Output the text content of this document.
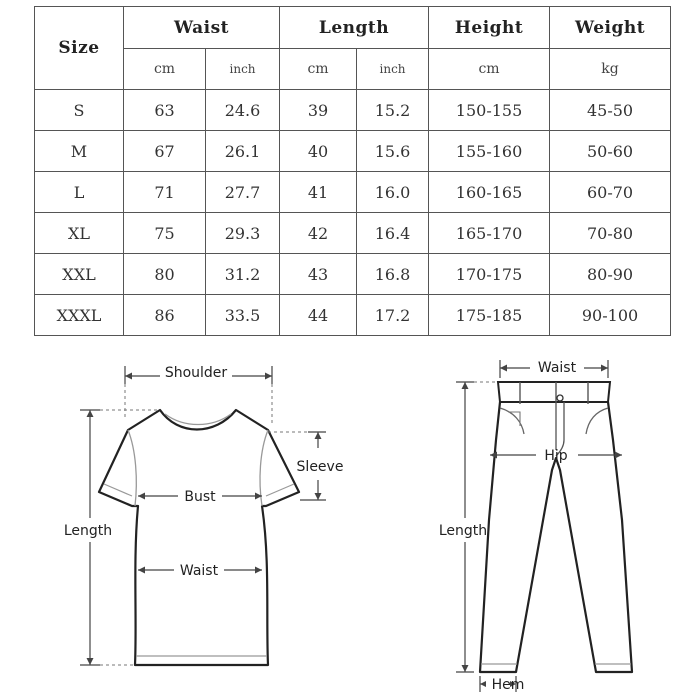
Size	Waist		Length		Height	Weight
	cm	inch	cm	inch	cm	kg
S	63	24.6	39	15.2	150-155	45-50
M	67	26.1	40	15.6	155-160	50-60
L	71	27.7	41	16.0	160-165	60-70
XL	75	29.3	42	16.4	165-170	70-80
XXL	80	31.2	43	16.8	170-175	80-90
XXXL	86	33.5	44	17.2	175-185	90-100
Shoulder
Sleeve
Bust
Waist
Length
Waist
Hip
Length
Hem
